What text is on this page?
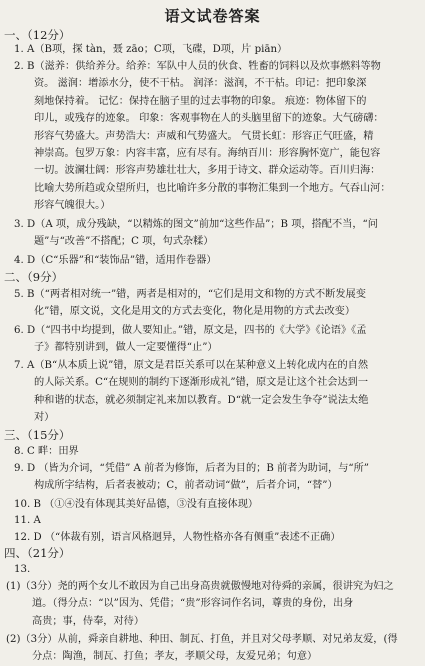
语文试卷答案
一、（12分）
1. A（B项，探 tàn，聂 zāo；C项，飞碟，D项，片 piān）
2. B（滋养：供给养分。给养：军队中人员的伙食、牲畜的饲料以及炊事燃料等物
资。 滋润：增添水分，使不干枯。 润泽：滋润，不干枯。印记：把印象深
刻地保持着。 记忆：保持在脑子里的过去事物的印象。 痕迹：物体留下的
印儿，或残存的迹象。 印象：客观事物在人的头脑里留下的迹象。大气磅礴：
形容气势盛大。声势浩大：声威和气势盛大。 气贯长虹：形容正气旺盛，精
神崇高。包罗万象：内容丰富，应有尽有。海纳百川：形容胸怀宽广，能包容
一切。波澜壮阔：形容声势雄壮壮大，多用于诗文、群众运动等。百川归海：
比喻大势所趋或众望所归，也比喻许多分散的事物汇集到一个地方。气吞山河：
形容气魄很大。）
3. D（A 项，成分残缺，“以精炼的图文”前加“这些作品”；B 项，搭配不当，“问
题”与“改善”不搭配；C 项，句式杂糅）
4. D（C“乐器”和“装饰品”错，适用作卷器）
二、（9分）
5. B（“两者相对统一”错，两者是相对的，“它们是用文和物的方式不断发展变
化”错，原文说，文化是用文的方式去变化，物化是用物的方式去改变）
6. D（“四书中均提到，做人要知止。”错，原文是，四书的《大学》《论语》《孟
子》都特别讲到，做人一定要懂得“止”）
7. A（B“从本质上说”错，原文是君臣关系可以在某种意义上转化成内在的自然
的人际关系。C“在规则的制约下逐渐形成礼”错，原文是让这个社会达到一
种和谐的状态，就必须制定礼来加以教育。D“就一定会发生争夺”说法太绝
对）
三、（15分）
8. C 畔：田界
9. D （皆为介词，“凭借” A 前者为修饰，后者为目的；B 前者为助词，与“所”
构成所字结构，后者表被动；C，前者动词“做”，后者介词，“替”）
10. B （①④没有体现其美好品德，③没有直接体现）
11. A
12. D （“体裁有别，语言风格迥异，人物性格亦各有侧重”表述不正确）
四、（21分）
13.
(1)（3分）尧的两个女儿不敢因为自己出身高贵就傲慢地对待舜的亲属，很讲究为妇之
道。（得分点：“以”因为、凭借；“贵”形容词作名词，尊贵的身份，出身
高贵；事，侍奉，对待）
(2)（3分）从前，舜亲自耕地、种田、制瓦、打鱼，并且对父母孝顺、对兄弟友爱，(得
分点：陶渔，制瓦、打鱼；孝友，孝顺父母，友爱兄弟；句意）
